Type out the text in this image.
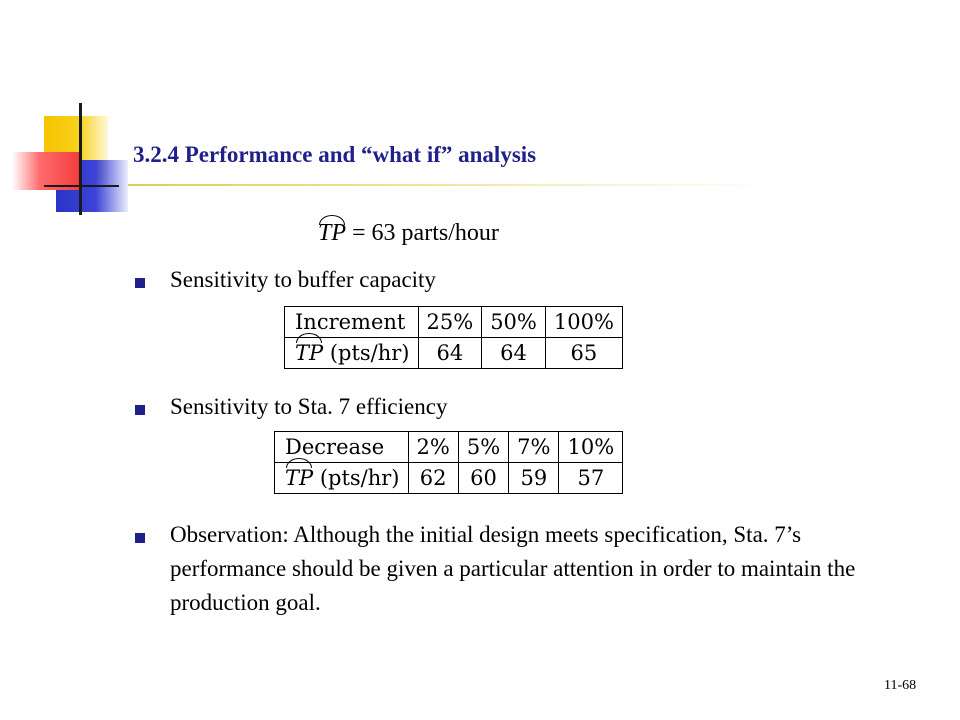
3.2.4 Performance and “what if” analysis
TP = 63 parts/hour
Sensitivity to buffer capacity
Increment	25%	50%	100%
TP (pts/hr)	64	64	65
Sensitivity to Sta. 7 efficiency
Decrease	2%	5%	7%	10%
TP (pts/hr)	62	60	59	57
Observation: Although the initial design meets specification, Sta. 7’s performance should be given a particular attention in order to maintain the production goal.
11-68
